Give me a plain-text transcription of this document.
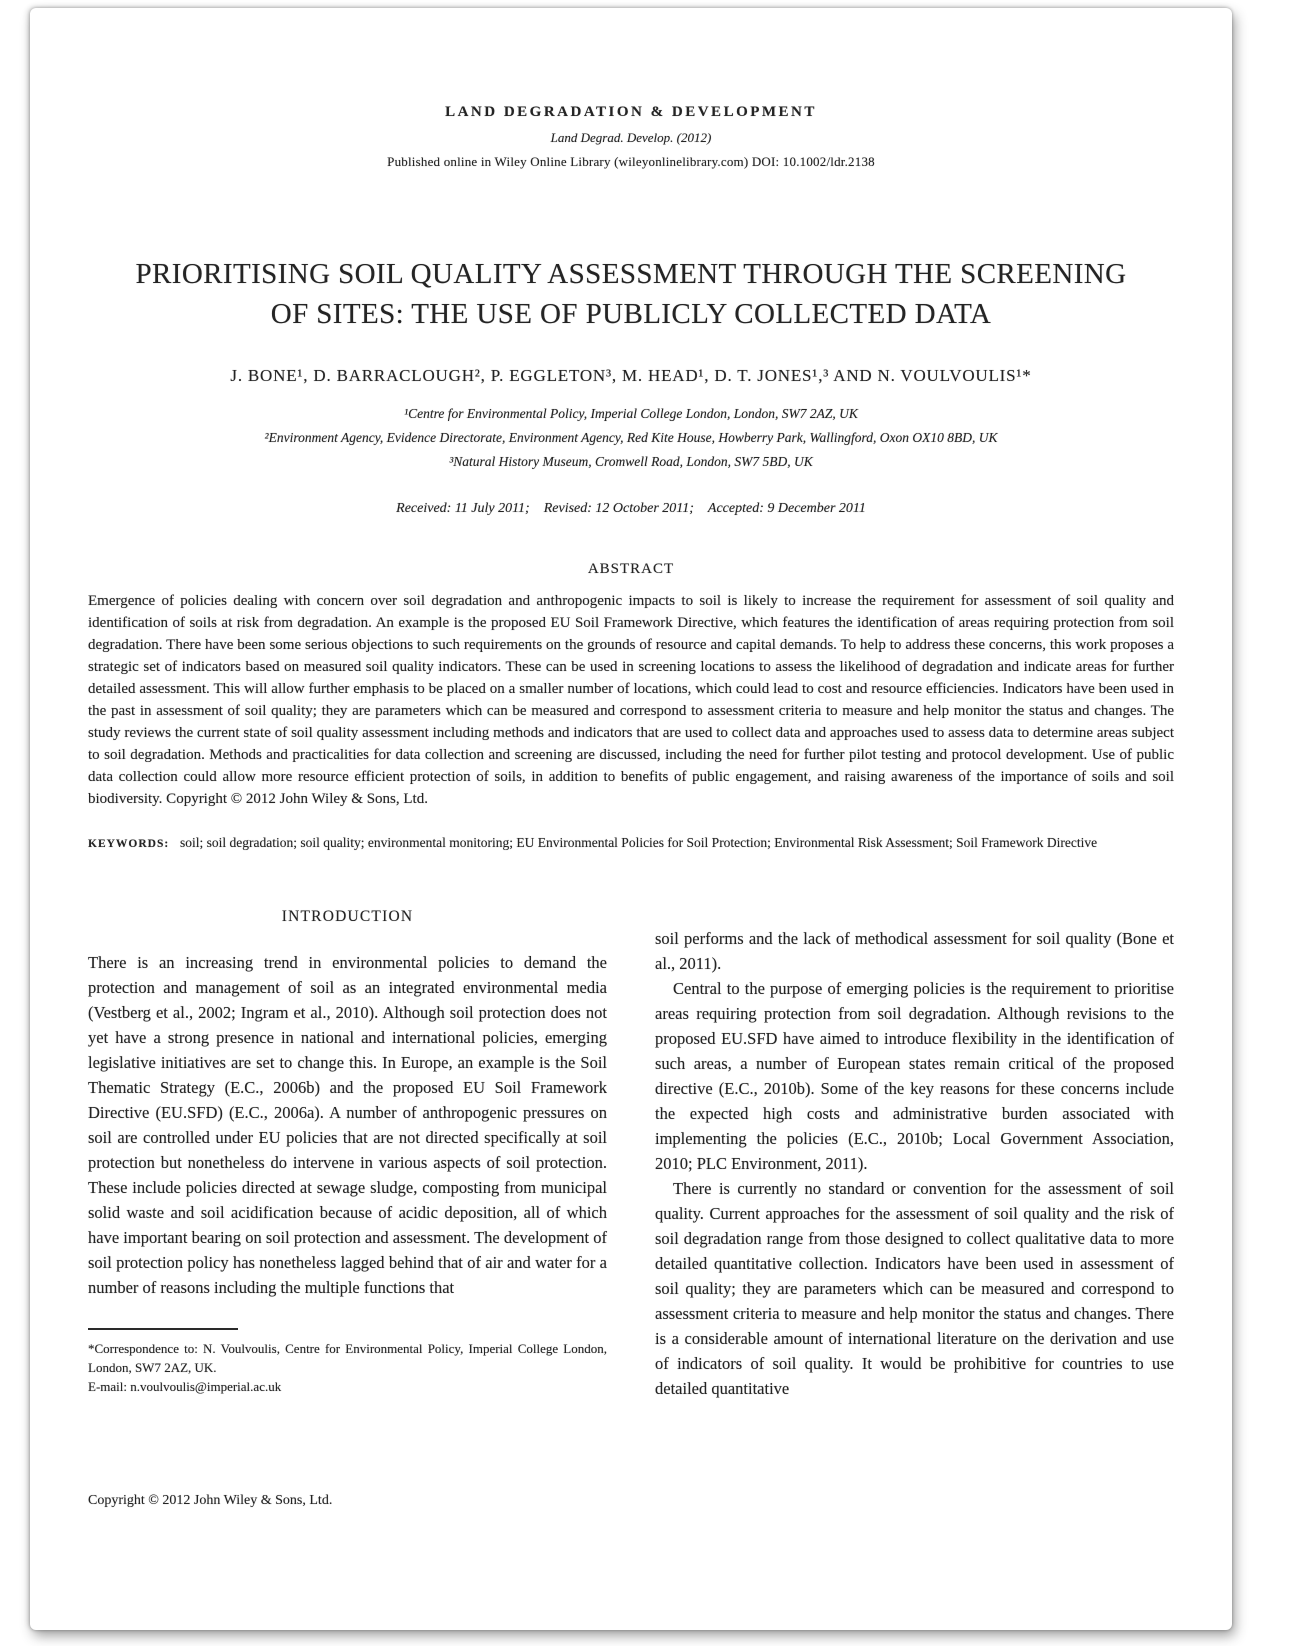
LAND DEGRADATION & DEVELOPMENT
Land Degrad. Develop. (2012)
Published online in Wiley Online Library (wileyonlinelibrary.com) DOI: 10.1002/ldr.2138
PRIORITISING SOIL QUALITY ASSESSMENT THROUGH THE SCREENING OF SITES: THE USE OF PUBLICLY COLLECTED DATA
J. BONE¹, D. BARRACLOUGH², P. EGGLETON³, M. HEAD¹, D. T. JONES¹,³ AND N. VOULVOULIS¹*
¹Centre for Environmental Policy, Imperial College London, London, SW7 2AZ, UK
²Environment Agency, Evidence Directorate, Environment Agency, Red Kite House, Howberry Park, Wallingford, Oxon OX10 8BD, UK
³Natural History Museum, Cromwell Road, London, SW7 5BD, UK
Received: 11 July 2011; Revised: 12 October 2011; Accepted: 9 December 2011
ABSTRACT

Emergence of policies dealing with concern over soil degradation and anthropogenic impacts to soil is likely to increase the requirement for assessment of soil quality and identification of soils at risk from degradation. An example is the proposed EU Soil Framework Directive, which features the identification of areas requiring protection from soil degradation. There have been some serious objections to such requirements on the grounds of resource and capital demands. To help to address these concerns, this work proposes a strategic set of indicators based on measured soil quality indicators. These can be used in screening locations to assess the likelihood of degradation and indicate areas for further detailed assessment. This will allow further emphasis to be placed on a smaller number of locations, which could lead to cost and resource efficiencies. Indicators have been used in the past in assessment of soil quality; they are parameters which can be measured and correspond to assessment criteria to measure and help monitor the status and changes. The study reviews the current state of soil quality assessment including methods and indicators that are used to collect data and approaches used to assess data to determine areas subject to soil degradation. Methods and practicalities for data collection and screening are discussed, including the need for further pilot testing and protocol development. Use of public data collection could allow more resource efficient protection of soils, in addition to benefits of public engagement, and raising awareness of the importance of soils and soil biodiversity. Copyright © 2012 John Wiley & Sons, Ltd.

KEYWORDS: soil; soil degradation; soil quality; environmental monitoring; EU Environmental Policies for Soil Protection; Environmental Risk Assessment; Soil Framework Directive
INTRODUCTION

There is an increasing trend in environmental policies to demand the protection and management of soil as an integrated environmental media (Vestberg et al., 2002; Ingram et al., 2010). Although soil protection does not yet have a strong presence in national and international policies, emerging legislative initiatives are set to change this. In Europe, an example is the Soil Thematic Strategy (E.C., 2006b) and the proposed EU Soil Framework Directive (EU.SFD) (E.C., 2006a). A number of anthropogenic pressures on soil are controlled under EU policies that are not directed specifically at soil protection but nonetheless do intervene in various aspects of soil protection. These include policies directed at sewage sludge, composting from municipal solid waste and soil acidification because of acidic deposition, all of which have important bearing on soil protection and assessment. The development of soil protection policy has nonetheless lagged behind that of air and water for a number of reasons including the multiple functions that

*Correspondence to: N. Voulvoulis, Centre for Environmental Policy, Imperial College London, London, SW7 2AZ, UK.

E-mail: n.voulvoulis@imperial.ac.uk

soil performs and the lack of methodical assessment for soil quality (Bone et al., 2011).

Central to the purpose of emerging policies is the requirement to prioritise areas requiring protection from soil degradation. Although revisions to the proposed EU.SFD have aimed to introduce flexibility in the identification of such areas, a number of European states remain critical of the proposed directive (E.C., 2010b). Some of the key reasons for these concerns include the expected high costs and administrative burden associated with implementing the policies (E.C., 2010b; Local Government Association, 2010; PLC Environment, 2011).

There is currently no standard or convention for the assessment of soil quality. Current approaches for the assessment of soil quality and the risk of soil degradation range from those designed to collect qualitative data to more detailed quantitative collection. Indicators have been used in assessment of soil quality; they are parameters which can be measured and correspond to assessment criteria to measure and help monitor the status and changes. There is a considerable amount of international literature on the derivation and use of indicators of soil quality. It would be prohibitive for countries to use detailed quantitative

Copyright © 2012 John Wiley & Sons, Ltd.
